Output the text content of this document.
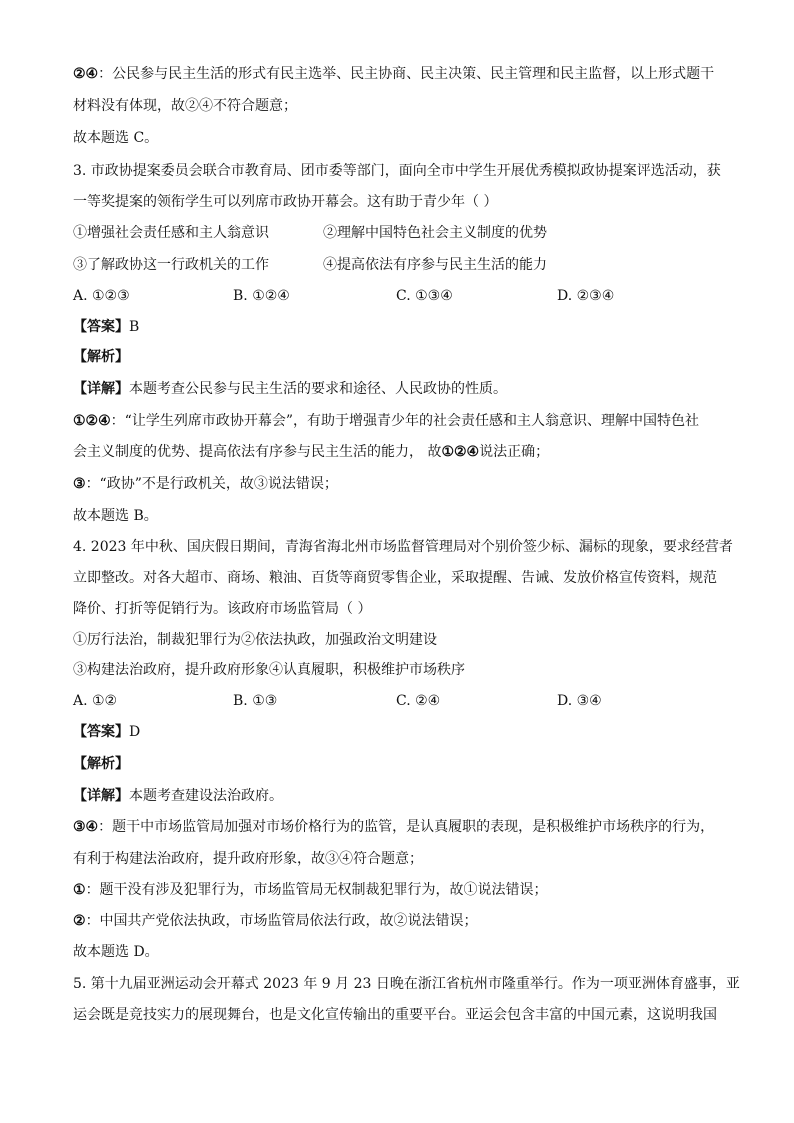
②④：公民参与民主生活的形式有民主选举、民主协商、民主决策、民主管理和民主监督，以上形式题干
材料没有体现，故②④不符合题意；
故本题选 C。
3. 市政协提案委员会联合市教育局、团市委等部门，面向全市中学生开展优秀模拟政协提案评选活动，获
一等奖提案的领衔学生可以列席市政协开幕会。这有助于青少年（ ）
①增强社会责任感和主人翁意识	②理解中国特色社会主义制度的优势
③了解政协这一行政机关的工作	④提高依法有序参与民主生活的能力
A. ①②③	B. ①②④	C. ①③④	D. ②③④
【答案】B
【解析】
【详解】本题考查公民参与民主生活的要求和途径、人民政协的性质。
①②④：“让学生列席市政协开幕会”，有助于增强青少年的社会责任感和主人翁意识、理解中国特色社
会主义制度的优势、提高依法有序参与民主生活的能力， 故①②④说法正确；
③：“政协”不是行政机关，故③说法错误；
故本题选 B。
4. 2023 年中秋、国庆假日期间，青海省海北州市场监督管理局对个别价签少标、漏标的现象，要求经营者
立即整改。对各大超市、商场、粮油、百货等商贸零售企业，采取提醒、告诫、发放价格宣传资料，规范
降价、打折等促销行为。该政府市场监管局（ ）
①厉行法治，制裁犯罪行为②依法执政，加强政治文明建设
③构建法治政府，提升政府形象④认真履职，积极维护市场秩序
A. ①②	B. ①③	C. ②④	D. ③④
【答案】D
【解析】
【详解】本题考查建设法治政府。
③④：题干中市场监管局加强对市场价格行为的监管，是认真履职的表现，是积极维护市场秩序的行为，
有利于构建法治政府，提升政府形象，故③④符合题意；
①：题干没有涉及犯罪行为，市场监管局无权制裁犯罪行为，故①说法错误；
②：中国共产党依法执政，市场监管局依法行政，故②说法错误；
故本题选 D。
5. 第十九届亚洲运动会开幕式 2023 年 9 月 23 日晚在浙江省杭州市隆重举行。作为一项亚洲体育盛事，亚
运会既是竞技实力的展现舞台，也是文化宣传输出的重要平台。亚运会包含丰富的中国元素，这说明我国
